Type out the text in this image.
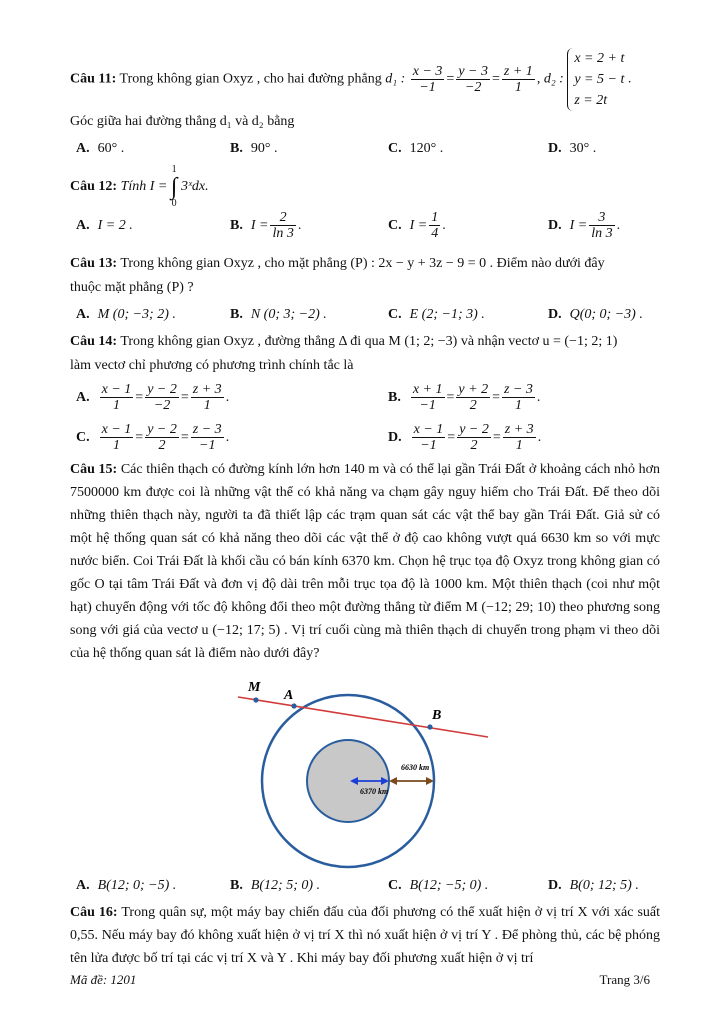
Câu 11: Trong không gian Oxyz , cho hai đường phẳng d₁ : $\frac{x - 3}{-1} = \frac{y - 3}{-2} = \frac{z + 1}{1}$ , d₂ :
x = 2 + t
y = 5 − t
z = 2t
.
Góc giữa hai đường thẳng d₁ và d₂ bằng
A. 60° .	B. 90° .	C. 120° .	D. 30° .
Câu 12: Tính I =
1
∫
0
3ˣdx.
A. I = 2 .	B. $I = \frac{2}{\ln 3}$ .	C. $I = \frac{1}{4}$ .	D. $I = \frac{3}{\ln 3}$ .
Câu 13: Trong không gian Oxyz , cho mặt phẳng (P) : 2x − y + 3z − 9 = 0 . Điểm nào dưới đây
thuộc mặt phẳng (P) ?
A. M (0; −3; 2) .	B. N (0; 3; −2) .	C. E (2; −1; 3) .	D. Q(0; 0; −3) .
Câu 14: Trong không gian Oxyz , đường thẳng Δ đi qua M (1; 2; −3) và nhận vectơ u = (−1; 2; 1)
làm vectơ chỉ phương có phương trình chính tắc là
A. $\frac{x - 1}{1} = \frac{y - 2}{-2} = \frac{z + 3}{1}$ .	B. $\frac{x + 1}{-1} = \frac{y + 2}{2} = \frac{z - 3}{1}$ .
C. $\frac{x - 1}{1} = \frac{y - 2}{2} = \frac{z - 3}{-1}$ .	D. $\frac{x - 1}{-1} = \frac{y - 2}{2} = \frac{z + 3}{1}$ .
Câu 15: Các thiên thạch có đường kính lớn hơn 140 m và có thể lại gần Trái Đất ở khoảng cách nhỏ hơn 7500000 km được coi là những vật thể có khả năng va chạm gây nguy hiểm cho Trái Đất. Để theo dõi những thiên thạch này, người ta đã thiết lập các trạm quan sát các vật thể bay gần Trái Đất. Giả sử có một hệ thống quan sát có khả năng theo dõi các vật thể ở độ cao không vượt quá 6630 km so với mực nước biển. Coi Trái Đất là khối cầu có bán kính 6370 km. Chọn hệ trục tọa độ Oxyz trong không gian có gốc O tại tâm Trái Đất và đơn vị độ dài trên mỗi trục tọa độ là 1000 km. Một thiên thạch (coi như một hạt) chuyển động với tốc độ không đổi theo một đường thẳng từ điểm M (−12; 29; 10) theo phương song song với giá của vectơ u (−12; 17; 5) . Vị trí cuối cùng mà thiên thạch di chuyển trong phạm vi theo dõi của hệ thống quan sát là điểm nào dưới đây?
M
A
B
6630 km
6370 km
A. B(12; 0; −5) .	B. B(12; 5; 0) .	C. B(12; −5; 0) .	D. B(0; 12; 5) .
Câu 16: Trong quân sự, một máy bay chiến đấu của đối phương có thể xuất hiện ở vị trí X với xác suất 0,55. Nếu máy bay đó không xuất hiện ở vị trí X thì nó xuất hiện ở vị trí Y . Để phòng thủ, các bệ phóng tên lửa được bố trí tại các vị trí X và Y . Khi máy bay đối phương xuất hiện ở vị trí
Mã đề: 1201	Trang 3/6
